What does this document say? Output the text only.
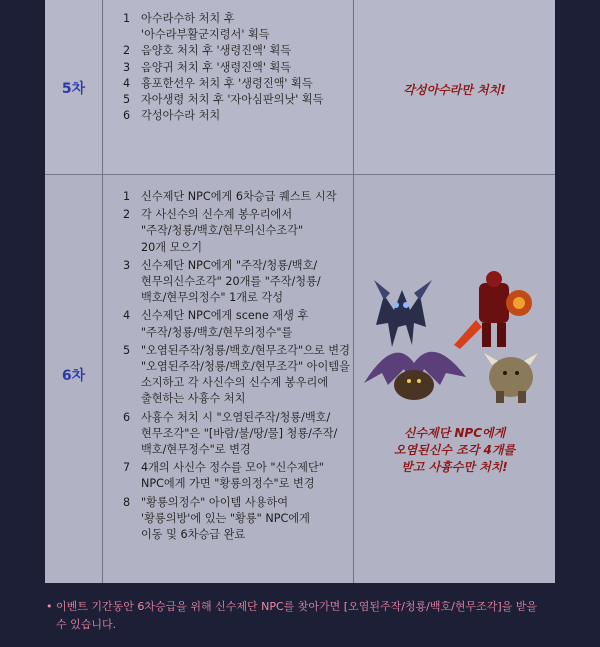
5차
1 아수라수하 처치 후
'아수라부활군지령서' 획득
2 음양호 처치 후 '생령진액' 획득
3 음양귀 처치 후 '생령진액' 획득
4 흉포한선우 처치 후 '생령진액' 획득
5 자아생령 처치 후 '자아심판의낫' 획득
6 각성아수라 처치
각성아수라만 처치!
6차
1 신수제단 NPC에게 6차승급 퀘스트 시작
2 각 사신수의 신수계 봉우리에서
"주작/청룡/백호/현무의신수조각"
20개 모으기
3 신수제단 NPC에게 "주작/청룡/백호/
현무의신수조각" 20개를 "주작/청룡/
백호/현무의정수" 1개로 각성
4 신수제단 NPC에게 scene 재생 후
"주작/청룡/백호/현무의정수"를
5 "오염된주작/청룡/백호/현무조각"으로 변경
"오염된주작/청룡/백호/현무조각" 아이템을
소지하고 각 사신수의 신수계 봉우리에
출현하는 사흉수 처치
6 사흉수 처치 시 "오염된주작/청룡/백호/
현무조각"은 "[바람/불/땅/물] 청룡/주작/
백호/현무정수"로 변경
7 4개의 사신수 정수를 모아 "신수제단"
NPC에게 가면 "황룡의정수"로 변경
8 "황룡의정수" 아이템 사용하여
'황룡의방'에 있는 "황룡" NPC에게
이동 및 6차승급 완료
신수제단 NPC에게
오염된신수 조각 4개를
받고 사흉수만 처치!
• 이벤트 기간동안 6차승급을 위해 신수제단 NPC를 찾아가면 [오염된주작/청룡/백호/현무조각]을 받을 수 있습니다.
